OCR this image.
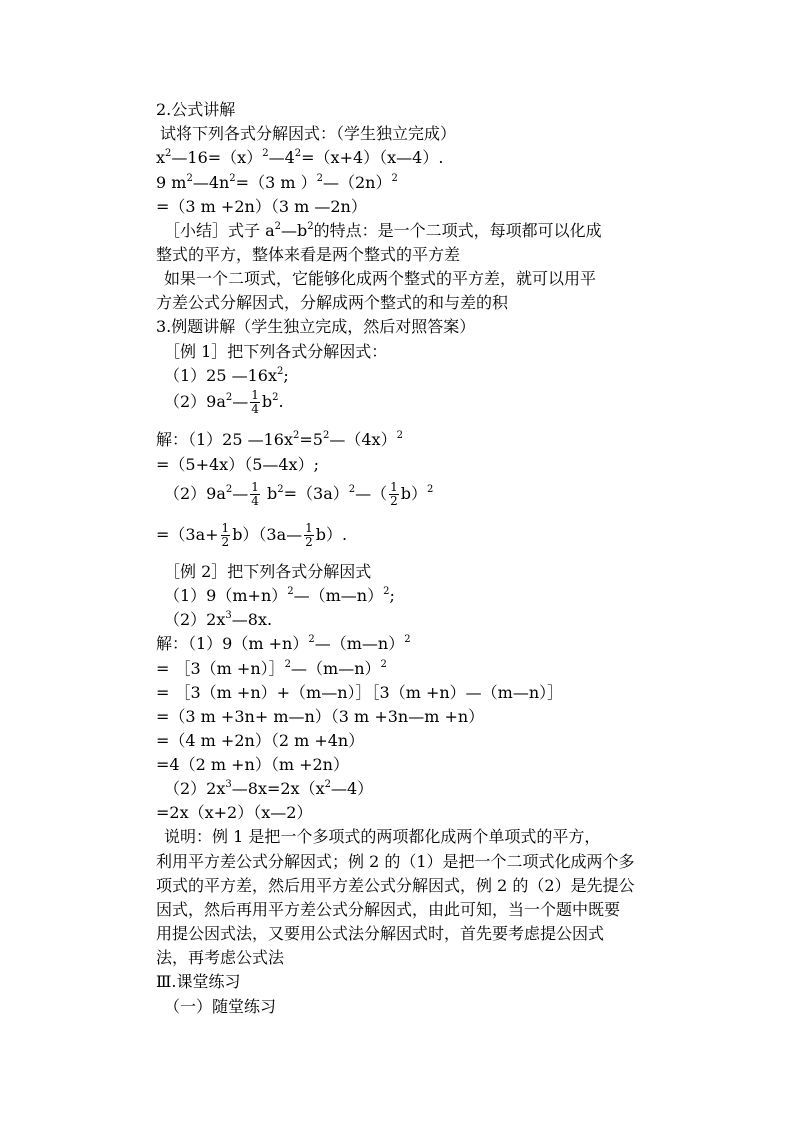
2.公式讲解
试将下列各式分解因式：（学生独立完成）
$x^2—16=(x)^2—4^2=(x+4)(x—4)$.
9 $m^2—4n^2=(3$ m ）$^2—(2n)^2$
=（3 m +2n）（3 m —2n）
［小结］式子 $a^2—b^2$的特点：是一个二项式，每项都可以化成
整式的平方，整体来看是两个整式的平方差
如果一个二项式，它能够化成两个整式的平方差，就可以用平
方差公式分解因式，分解成两个整式的和与差的积
3.例题讲解（学生独立完成，然后对照答案）
［例 1］把下列各式分解因式：
（1）25 $—16x^2$;
$(2)9a^2— \frac{1}{4} b^2$.
解：（1）25 $—16x^2=5^2—(4x)^2$
=（5+4x）（5—4x）;
$(2)9a^2— \frac{1}{4}$ $b^2=(3a)^2—( \frac{1}{2} b)^2$
$=(3a+ \frac{1}{2}$ b）（3a— $\frac{1}{2} b$）.
［例 2］把下列各式分解因式
$(1)9(m+n)^2—(m—n)^2$;
$(2)2x^3—8x$.
解：$(1)9(m +n)^2—(m—n)^2$
= ［3（m +n）］$^2$—（m—n）$^2$
= ［3（m +n）+（m—n）］［3（m +n）—（m—n）］
=（3 m +3n+ m—n）（3 m +3n—m +n）
=（4 m +2n）（2 m +4n）
=4（2 m +n）（m +2n）
$(2)2x^3—8x=2x(x^2—4)$
=2x（x+2）（x—2）
说明：例 1 是把一个多项式的两项都化成两个单项式的平方，
利用平方差公式分解因式；例 2 的（1）是把一个二项式化成两个多
项式的平方差，然后用平方差公式分解因式，例 2 的（2）是先提公
因式，然后再用平方差公式分解因式，由此可知，当一个题中既要
用提公因式法，又要用公式法分解因式时，首先要考虑提公因式
法，再考虑公式法
Ⅲ.课堂练习
（一）随堂练习
